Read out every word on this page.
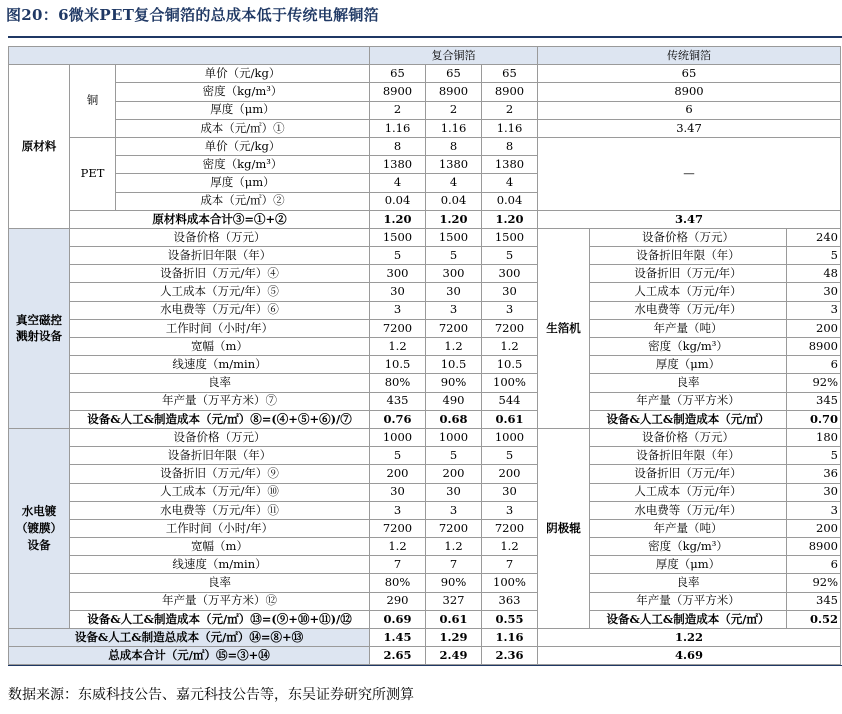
图20：6微米PET复合铜箔的总成本低于传统电解铜箔
			复合铜箔			传统铜箔		
原材料	铜	单价（元/kg）	65	65	65	65		
		密度（kg/m³）	8900	8900	8900	8900		
		厚度（μm）	2	2	2	6		
		成本（元/㎡）①	1.16	1.16	1.16	3.47		
	PET	单价（元/kg）	8	8	8	—		
		密度（kg/m³）	1380	1380	1380			
		厚度（μm）	4	4	4			
		成本（元/㎡）②	0.04	0.04	0.04			
	原材料成本合计③=①+②		1.20	1.20	1.20	3.47		
真空磁控溅射设备	设备价格（万元）		1500	1500	1500	生箔机	设备价格（万元）	240
	设备折旧年限（年）		5	5	5		设备折旧年限（年）	5
	设备折旧（万元/年）④		300	300	300		设备折旧（万元/年）	48
	人工成本（万元/年）⑤		30	30	30		人工成本（万元/年）	30
	水电费等（万元/年）⑥		3	3	3		水电费等（万元/年）	3
	工作时间（小时/年）		7200	7200	7200		年产量（吨）	200
	宽幅（m）		1.2	1.2	1.2		密度（kg/m³）	8900
	线速度（m/min）		10.5	10.5	10.5		厚度（μm）	6
	良率		80%	90%	100%		良率	92%
	年产量（万平方米）⑦		435	490	544		年产量（万平方米）	345
	设备&人工&制造成本（元/㎡）⑧=(④+⑤+⑥)/⑦		0.76	0.68	0.61		设备&人工&制造成本（元/㎡）	0.70
水电镀（镀膜）设备	设备价格（万元）		1000	1000	1000	阴极辊	设备价格（万元）	180
	设备折旧年限（年）		5	5	5		设备折旧年限（年）	5
	设备折旧（万元/年）⑨		200	200	200		设备折旧（万元/年）	36
	人工成本（万元/年）⑩		30	30	30		人工成本（万元/年）	30
	水电费等（万元/年）⑪		3	3	3		水电费等（万元/年）	3
	工作时间（小时/年）		7200	7200	7200		年产量（吨）	200
	宽幅（m）		1.2	1.2	1.2		密度（kg/m³）	8900
	线速度（m/min）		7	7	7		厚度（μm）	6
	良率		80%	90%	100%		良率	92%
	年产量（万平方米）⑫		290	327	363		年产量（万平方米）	345
	设备&人工&制造成本（元/㎡）⑬=(⑨+⑩+⑪)/⑫		0.69	0.61	0.55		设备&人工&制造成本（元/㎡）	0.52
设备&人工&制造总成本（元/㎡）⑭=⑧+⑬			1.45	1.29	1.16	1.22		
总成本合计（元/㎡）⑮=③+⑭			2.65	2.49	2.36	4.69		
数据来源：东威科技公告、嘉元科技公告等，东吴证券研究所测算
